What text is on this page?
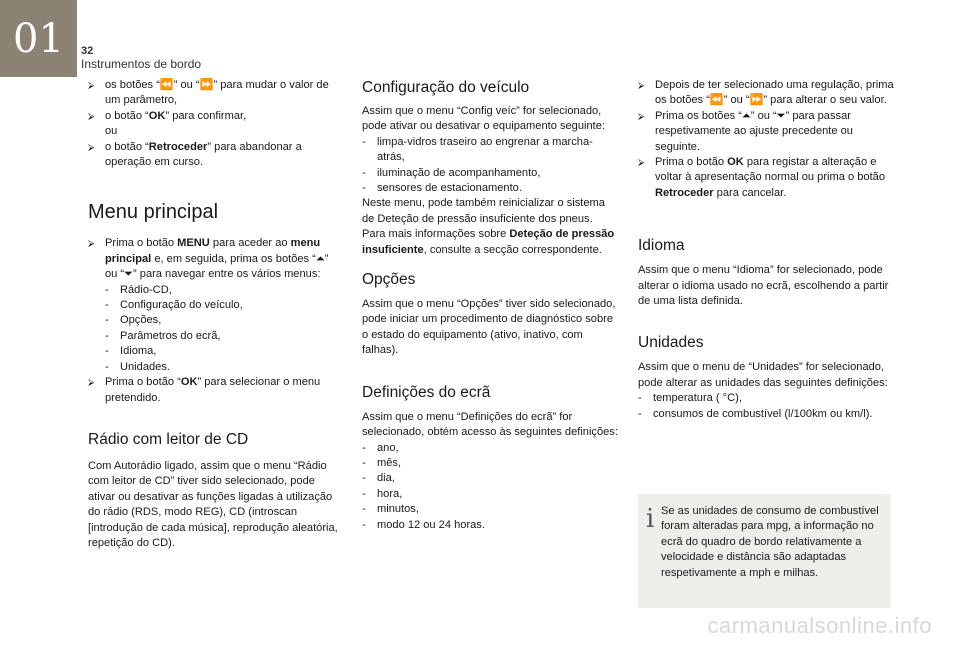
01 32
Instrumentos de bordo
⮚ os botões “⏪” ou “⏩” para mudar o valor de um parâmetro,
⮚ o botão “OK” para confirmar,
ou
⮚ o botão “Retroceder” para abandonar a operação em curso.
Menu principal
⮚ Prima o botão MENU para aceder ao menu principal e, em seguida, prima os botões “⏶” ou “⏷” para navegar entre os vários menus:
-	Rádio-CD,
-	Configuração do veículo,
-	Opções,
-	Parâmetros do ecrã,
-	Idioma,
-	Unidades.
⮚ Prima o botão “OK” para selecionar o menu pretendido.
Rádio com leitor de CD

Com Autorádio ligado, assim que o menu “Rádio com leitor de CD” tiver sido selecionado, pode ativar ou desativar as funções ligadas à utilização do rádio (RDS, modo REG), CD (introscan [introdução de cada música], reprodução aleatória, repetição do CD).

Configuração do veículo

Assim que o menu “Config veíc” for selecionado, pode ativar ou desativar o equipamento seguinte:

-	limpa-vidros traseiro ao engrenar a marcha-atrás,
-	iluminação de acompanhamento,
-	sensores de estacionamento.

Neste menu, pode também reinicializar o sistema de Deteção de pressão insuficiente dos pneus.

Para mais informações sobre Deteção de pressão insuficiente, consulte a secção correspondente.

Opções

Assim que o menu “Opções” tiver sido selecionado, pode iniciar um procedimento de diagnóstico sobre o estado do equipamento (ativo, inativo, com falhas).

Definições do ecrã

Assim que o menu “Definições do ecrã” for selecionado, obtém acesso às seguintes definições:

-	ano,
-	mês,
-	dia,
-	hora,
-	minutos,
-	modo 12 ou 24 horas.
⮚ Depois de ter selecionado uma regulação, prima os botões “⏪” ou “⏩” para alterar o seu valor.
⮚ Prima os botões “⏶” ou “⏷” para passar respetivamente ao ajuste precedente ou seguinte.
⮚ Prima o botão OK para registar a alteração e voltar à apresentação normal ou prima o botão Retroceder para cancelar.
Idioma

Assim que o menu “Idioma” for selecionado, pode alterar o idioma usado no ecrã, escolhendo a partir de uma lista definida.

Unidades

Assim que o menu de “Unidades” for selecionado, pode alterar as unidades das seguintes definições:

-	temperatura ( °C),
-	consumos de combustível (l/100km ou km/l).
i Se as unidades de consumo de combustível foram alteradas para mpg, a informação no ecrã do quadro de bordo relativamente a velocidade e distância são adaptadas respetivamente a mph e milhas.
carmanualsonline.info
